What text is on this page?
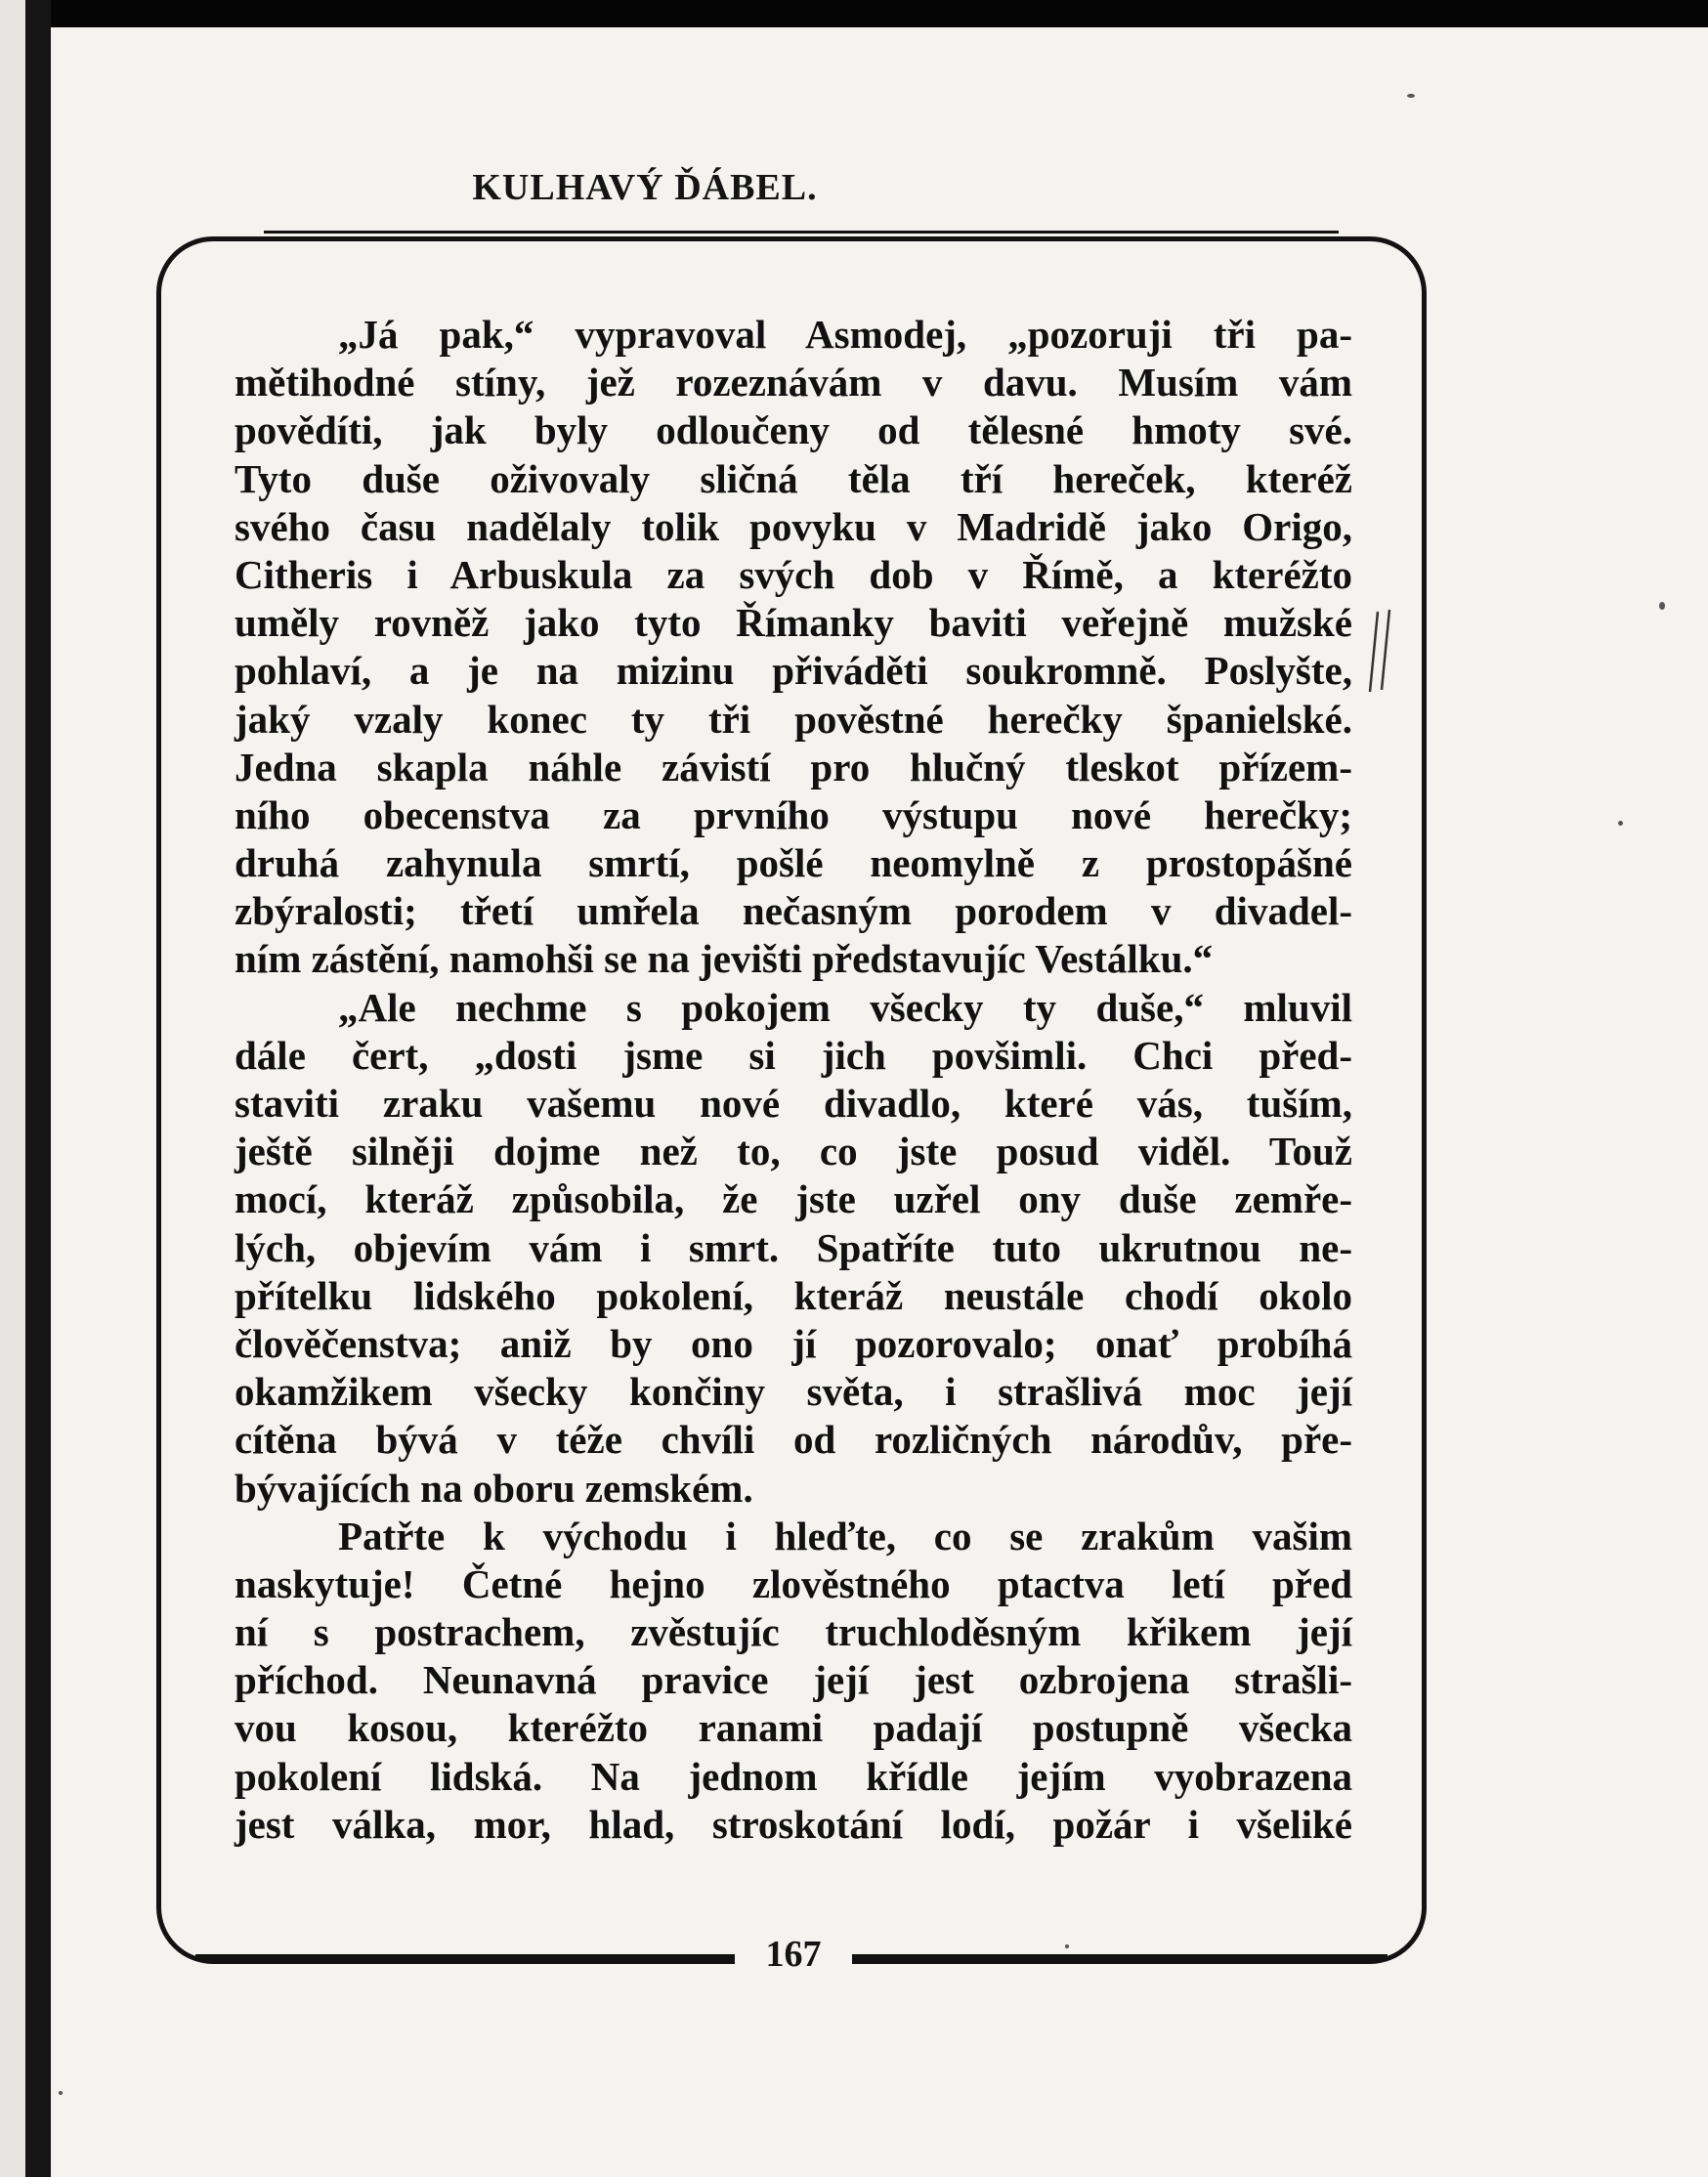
KULHAVÝ ĎÁBEL.
167
„Já pak,“ vypravoval Asmodej, „pozoruji tři pa-
mětihodné stíny, jež rozeznávám v davu. Musím vám
povědíti, jak byly odloučeny od tělesné hmoty své.
Tyto duše oživovaly sličná těla tří hereček, kteréž
svého času nadělaly tolik povyku v Madridě jako Origo,
Citheris i Arbuskula za svých dob v Římě, a kteréžto
uměly rovněž jako tyto Římanky baviti veřejně mužské
pohlaví, a je na mizinu přiváděti soukromně. Poslyšte,
jaký vzaly konec ty tři pověstné herečky španielské.
Jedna skapla náhle závistí pro hlučný tleskot přízem-
ního obecenstva za prvního výstupu nové herečky;
druhá zahynula smrtí, pošlé neomylně z prostopášné
zbýralosti; třetí umřela nečasným porodem v divadel-
ním zástění, namohši se na jevišti představujíc Vestálku.“
„Ale nechme s pokojem všecky ty duše,“ mluvil
dále čert, „dosti jsme si jich povšimli. Chci před-
staviti zraku vašemu nové divadlo, které vás, tuším,
ještě silněji dojme než to, co jste posud viděl. Touž
mocí, kteráž způsobila, že jste uzřel ony duše zemře-
lých, objevím vám i smrt. Spatříte tuto ukrutnou ne-
přítelku lidského pokolení, kteráž neustále chodí okolo
člověčenstva; aniž by ono jí pozorovalo; onať probíhá
okamžikem všecky končiny světa, i strašlivá moc její
cítěna bývá v téže chvíli od rozličných národův, pře-
bývajících na oboru zemském.
Patřte k východu i hleďte, co se zrakům vašim
naskytuje! Četné hejno zlověstného ptactva letí před
ní s postrachem, zvěstujíc truchloděsným křikem její
příchod. Neunavná pravice její jest ozbrojena strašli-
vou kosou, kteréžto ranami padají postupně všecka
pokolení lidská. Na jednom křídle jejím vyobrazena
jest válka, mor, hlad, stroskotání lodí, požár i všeliké
